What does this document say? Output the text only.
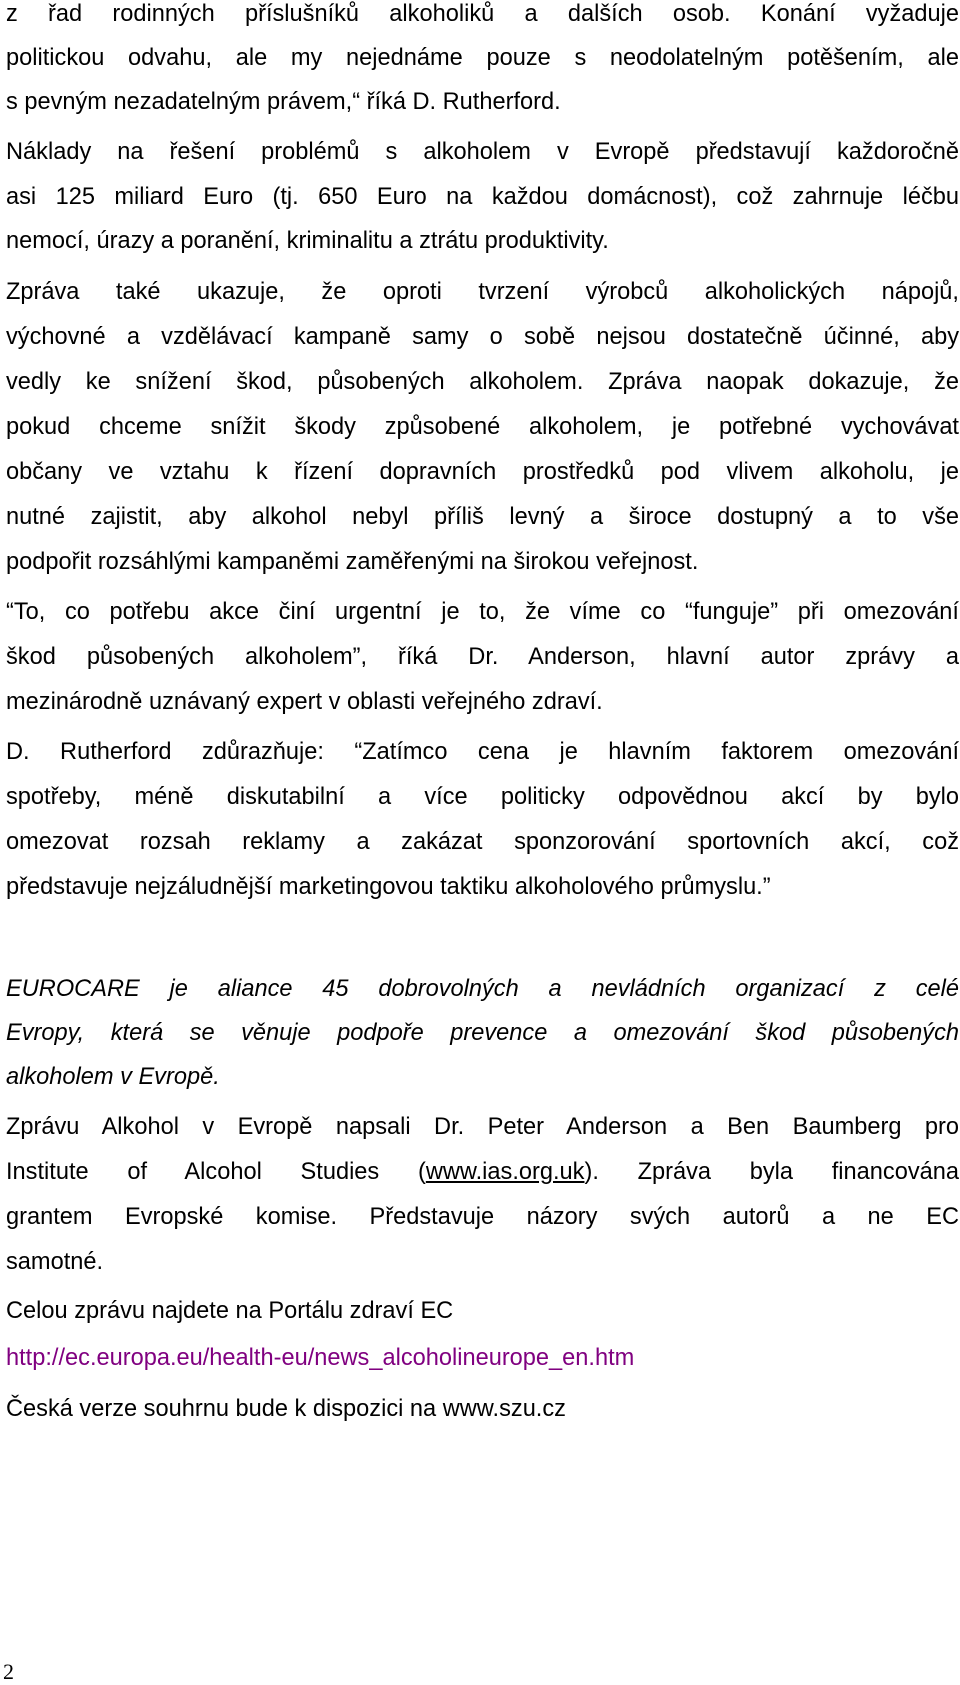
z řad rodinných příslušníků alkoholiků a dalších osob. Konání vyžaduje
politickou odvahu, ale my nejednáme pouze s neodolatelným potěšením, ale
s pevným nezadatelným právem,“ říká D. Rutherford.
Náklady na řešení problémů s alkoholem v Evropě představují každoročně
asi 125 miliard Euro (tj. 650 Euro na každou domácnost), což zahrnuje léčbu
nemocí, úrazy a poranění, kriminalitu a ztrátu produktivity.
Zpráva také ukazuje, že oproti tvrzení výrobců alkoholických nápojů,
výchovné a vzdělávací kampaně samy o sobě nejsou dostatečně účinné, aby
vedly ke snížení škod, působených alkoholem. Zpráva naopak dokazuje, že
pokud chceme snížit škody způsobené alkoholem, je potřebné vychovávat
občany ve vztahu k řízení dopravních prostředků pod vlivem alkoholu, je
nutné zajistit, aby alkohol nebyl příliš levný a široce dostupný a to vše
podpořit rozsáhlými kampaněmi zaměřenými na širokou veřejnost.
“To, co potřebu akce činí urgentní je to, že víme co “funguje” při omezování
škod působených alkoholem”, říká Dr. Anderson, hlavní autor zprávy a
mezinárodně uznávaný expert v oblasti veřejného zdraví.
D. Rutherford zdůrazňuje: “Zatímco cena je hlavním faktorem omezování
spotřeby, méně diskutabilní a více politicky odpovědnou akcí by bylo
omezovat rozsah reklamy a zakázat sponzorování sportovních akcí, což
představuje nejzáludnější marketingovou taktiku alkoholového průmyslu.”
EUROCARE je aliance 45 dobrovolných a nevládních organizací z celé
Evropy, která se věnuje podpoře prevence a omezování škod působených
alkoholem v Evropě.
Zprávu Alkohol v Evropě napsali Dr. Peter Anderson a Ben Baumberg pro
Institute of Alcohol Studies (www.ias.org.uk). Zpráva byla financována
grantem Evropské komise. Představuje názory svých autorů a ne EC
samotné.
Celou zprávu najdete na Portálu zdraví EC
http://ec.europa.eu/health-eu/news_alcoholineurope_en.htm
Česká verze souhrnu bude k dispozici na www.szu.cz
2
